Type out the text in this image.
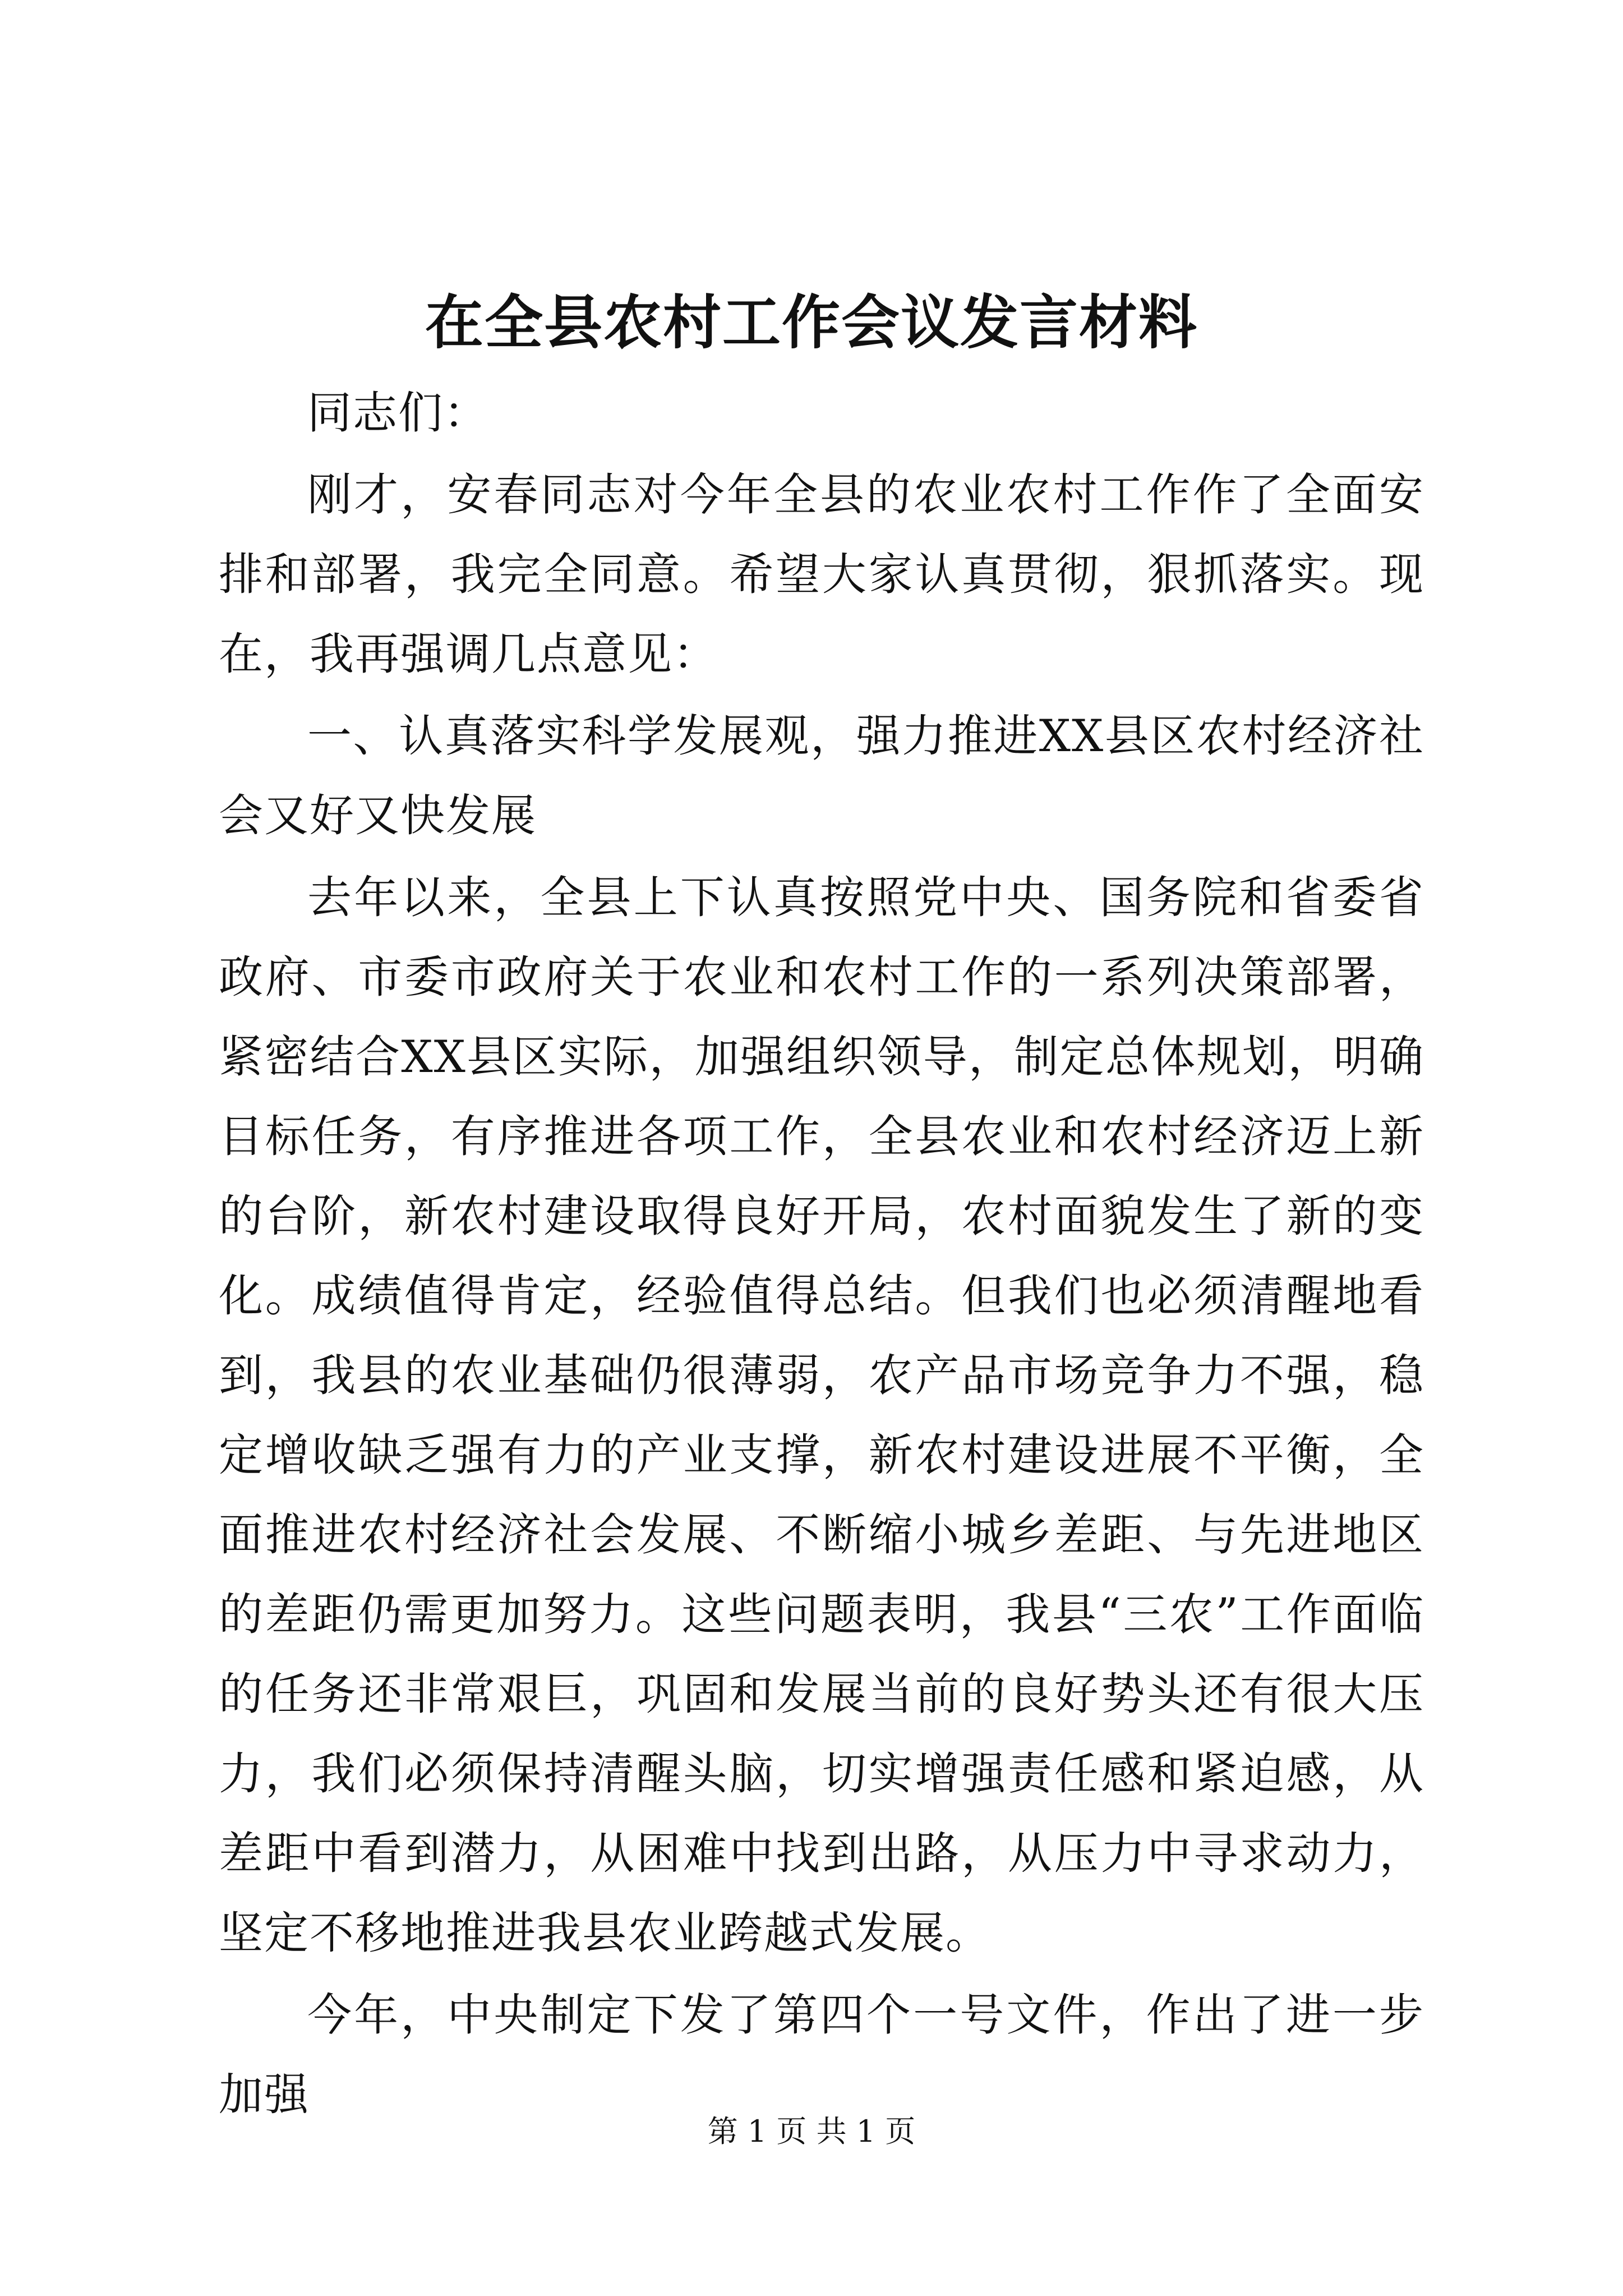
在全县农村工作会议发言材料

同志们：

刚才，安春同志对今年全县的农业农村工作作了全面安排和部署，我完全同意。希望大家认真贯彻，狠抓落实。现在，我再强调几点意见：

一、认真落实科学发展观，强力推进XX县区农村经济社会又好又快发展

去年以来，全县上下认真按照党中央、国务院和省委省政府、市委市政府关于农业和农村工作的一系列决策部署，紧密结合XX县区实际，加强组织领导，制定总体规划，明确目标任务，有序推进各项工作，全县农业和农村经济迈上新的台阶，新农村建设取得良好开局，农村面貌发生了新的变化。成绩值得肯定，经验值得总结。但我们也必须清醒地看到，我县的农业基础仍很薄弱，农产品市场竞争力不强，稳定增收缺乏强有力的产业支撑，新农村建设进展不平衡，全面推进农村经济社会发展、不断缩小城乡差距、与先进地区的差距仍需更加努力。这些问题表明，我县“三农”工作面临的任务还非常艰巨，巩固和发展当前的良好势头还有很大压力，我们必须保持清醒头脑，切实增强责任感和紧迫感，从差距中看到潜力，从困难中找到出路，从压力中寻求动力，坚定不移地推进我县农业跨越式发展。

今年，中央制定下发了第四个一号文件，作出了进一步加强

第 1 页 共 1 页
